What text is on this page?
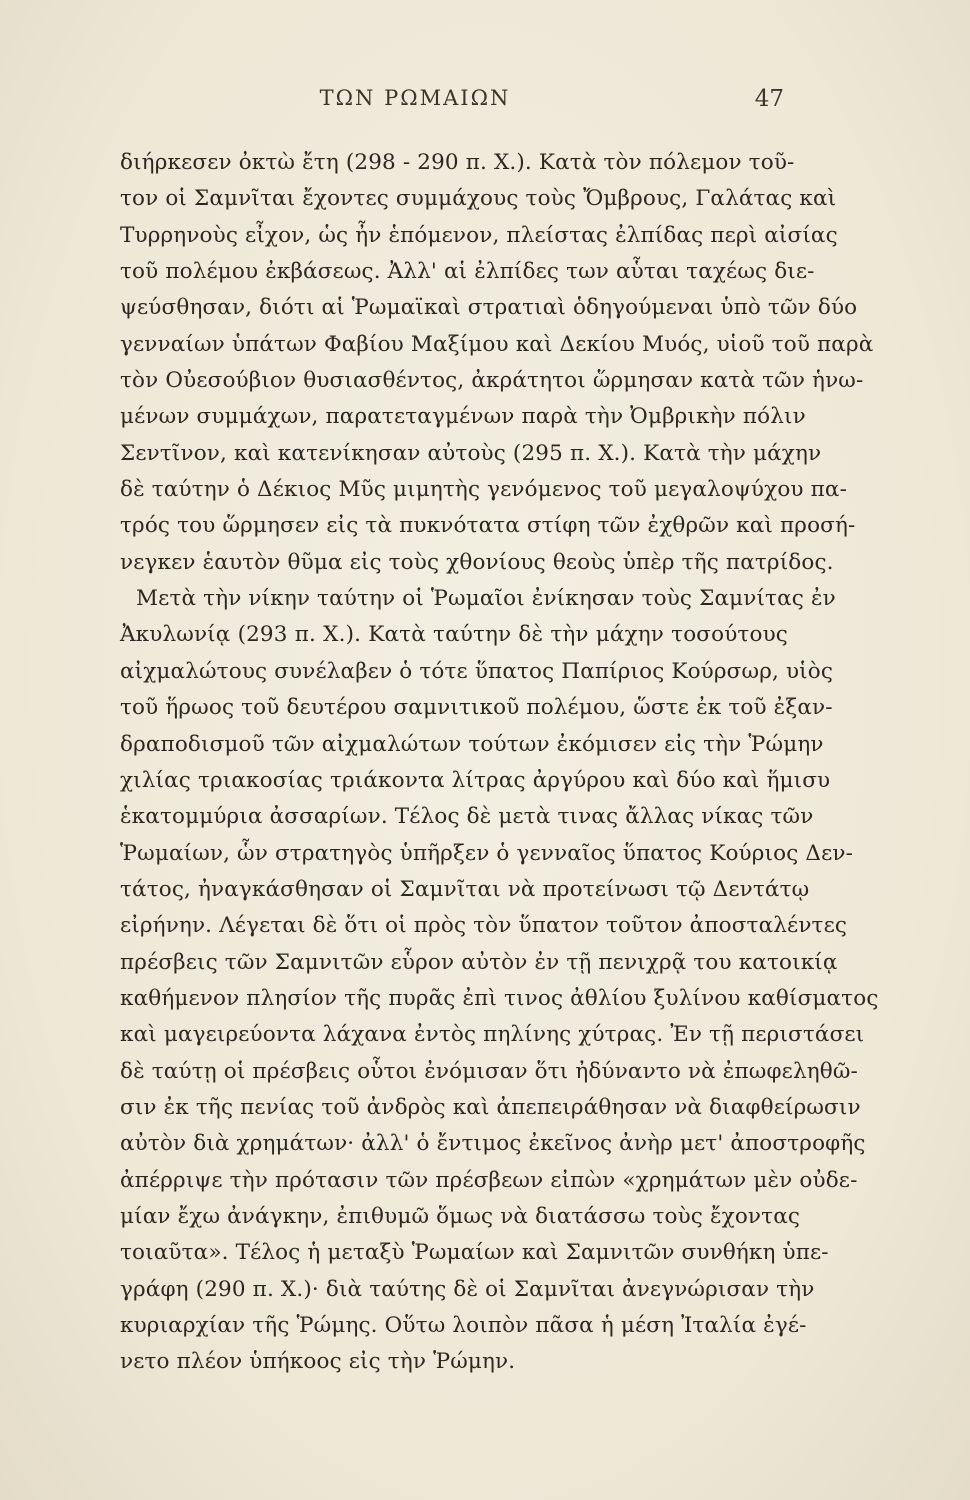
ΤΩΝ ΡΩΜΑΙΩΝ	47
διήρκεσεν ὀκτὼ ἔτη (298 - 290 π. Χ.). Κατὰ τὸν πόλεμον τοῦ-
τον οἱ Σαμνῖται ἔχοντες συμμάχους τοὺς Ὄμβρους, Γαλάτας καὶ
Τυρρηνοὺς εἶχον, ὡς ἦν ἑπόμενον, πλείστας ἐλπίδας περὶ αἰσίας
τοῦ πολέμου ἐκβάσεως. Ἀλλ' αἱ ἐλπίδες των αὗται ταχέως διε-
ψεύσθησαν, διότι αἱ Ῥωμαϊκαὶ στρατιαὶ ὁδηγούμεναι ὑπὸ τῶν δύο
γενναίων ὑπάτων Φαβίου Μαξίμου καὶ Δεκίου Μυός, υἱοῦ τοῦ παρὰ
τὸν Οὐεσούβιον θυσιασθέντος, ἀκράτητοι ὥρμησαν κατὰ τῶν ἡνω-
μένων συμμάχων, παρατεταγμένων παρὰ τὴν Ὀμβρικὴν πόλιν
Σεντῖνον, καὶ κατενίκησαν αὐτοὺς (295 π. Χ.). Κατὰ τὴν μάχην
δὲ ταύτην ὁ Δέκιος Μῦς μιμητὴς γενόμενος τοῦ μεγαλοψύχου πα-
τρός του ὥρμησεν εἰς τὰ πυκνότατα στίφη τῶν ἐχθρῶν καὶ προσή-
νεγκεν ἑαυτὸν θῦμα εἰς τοὺς χθονίους θεοὺς ὑπὲρ τῆς πατρίδος.
Μετὰ τὴν νίκην ταύτην οἱ Ῥωμαῖοι ἐνίκησαν τοὺς Σαμνίτας ἐν
Ἀκυλωνίᾳ (293 π. Χ.). Κατὰ ταύτην δὲ τὴν μάχην τοσούτους
αἰχμαλώτους συνέλαβεν ὁ τότε ὕπατος Παπίριος Κούρσωρ, υἱὸς
τοῦ ἥρωος τοῦ δευτέρου σαμνιτικοῦ πολέμου, ὥστε ἐκ τοῦ ἐξαν-
δραποδισμοῦ τῶν αἰχμαλώτων τούτων ἐκόμισεν εἰς τὴν Ῥώμην
χιλίας τριακοσίας τριάκοντα λίτρας ἀργύρου καὶ δύο καὶ ἥμισυ
ἑκατομμύρια ἀσσαρίων. Τέλος δὲ μετὰ τινας ἄλλας νίκας τῶν
Ῥωμαίων, ὧν στρατηγὸς ὑπῆρξεν ὁ γενναῖος ὕπατος Κούριος Δεν-
τάτος, ἠναγκάσθησαν οἱ Σαμνῖται νὰ προτείνωσι τῷ Δεντάτῳ
εἰρήνην. Λέγεται δὲ ὅτι οἱ πρὸς τὸν ὕπατον τοῦτον ἀποσταλέντες
πρέσβεις τῶν Σαμνιτῶν εὗρον αὐτὸν ἐν τῇ πενιχρᾷ του κατοικίᾳ
καθήμενον πλησίον τῆς πυρᾶς ἐπὶ τινος ἀθλίου ξυλίνου καθίσματος
καὶ μαγειρεύοντα λάχανα ἐντὸς πηλίνης χύτρας. Ἐν τῇ περιστάσει
δὲ ταύτῃ οἱ πρέσβεις οὗτοι ἐνόμισαν ὅτι ἠδύναντο νὰ ἐπωφεληθῶ-
σιν ἐκ τῆς πενίας τοῦ ἀνδρὸς καὶ ἀπεπειράθησαν νὰ διαφθείρωσιν
αὐτὸν διὰ χρημάτων· ἀλλ' ὁ ἔντιμος ἐκεῖνος ἀνὴρ μετ' ἀποστροφῆς
ἀπέρριψε τὴν πρότασιν τῶν πρέσβεων εἰπὼν «χρημάτων μὲν οὐδε-
μίαν ἔχω ἀνάγκην, ἐπιθυμῶ ὅμως νὰ διατάσσω τοὺς ἔχοντας
τοιαῦτα». Τέλος ἡ μεταξὺ Ῥωμαίων καὶ Σαμνιτῶν συνθήκη ὑπε-
γράφη (290 π. Χ.)· διὰ ταύτης δὲ οἱ Σαμνῖται ἀνεγνώρισαν τὴν
κυριαρχίαν τῆς Ῥώμης. Οὕτω λοιπὸν πᾶσα ἡ μέση Ἰταλία ἐγέ-
νετο πλέον ὑπήκοος εἰς τὴν Ῥώμην.
